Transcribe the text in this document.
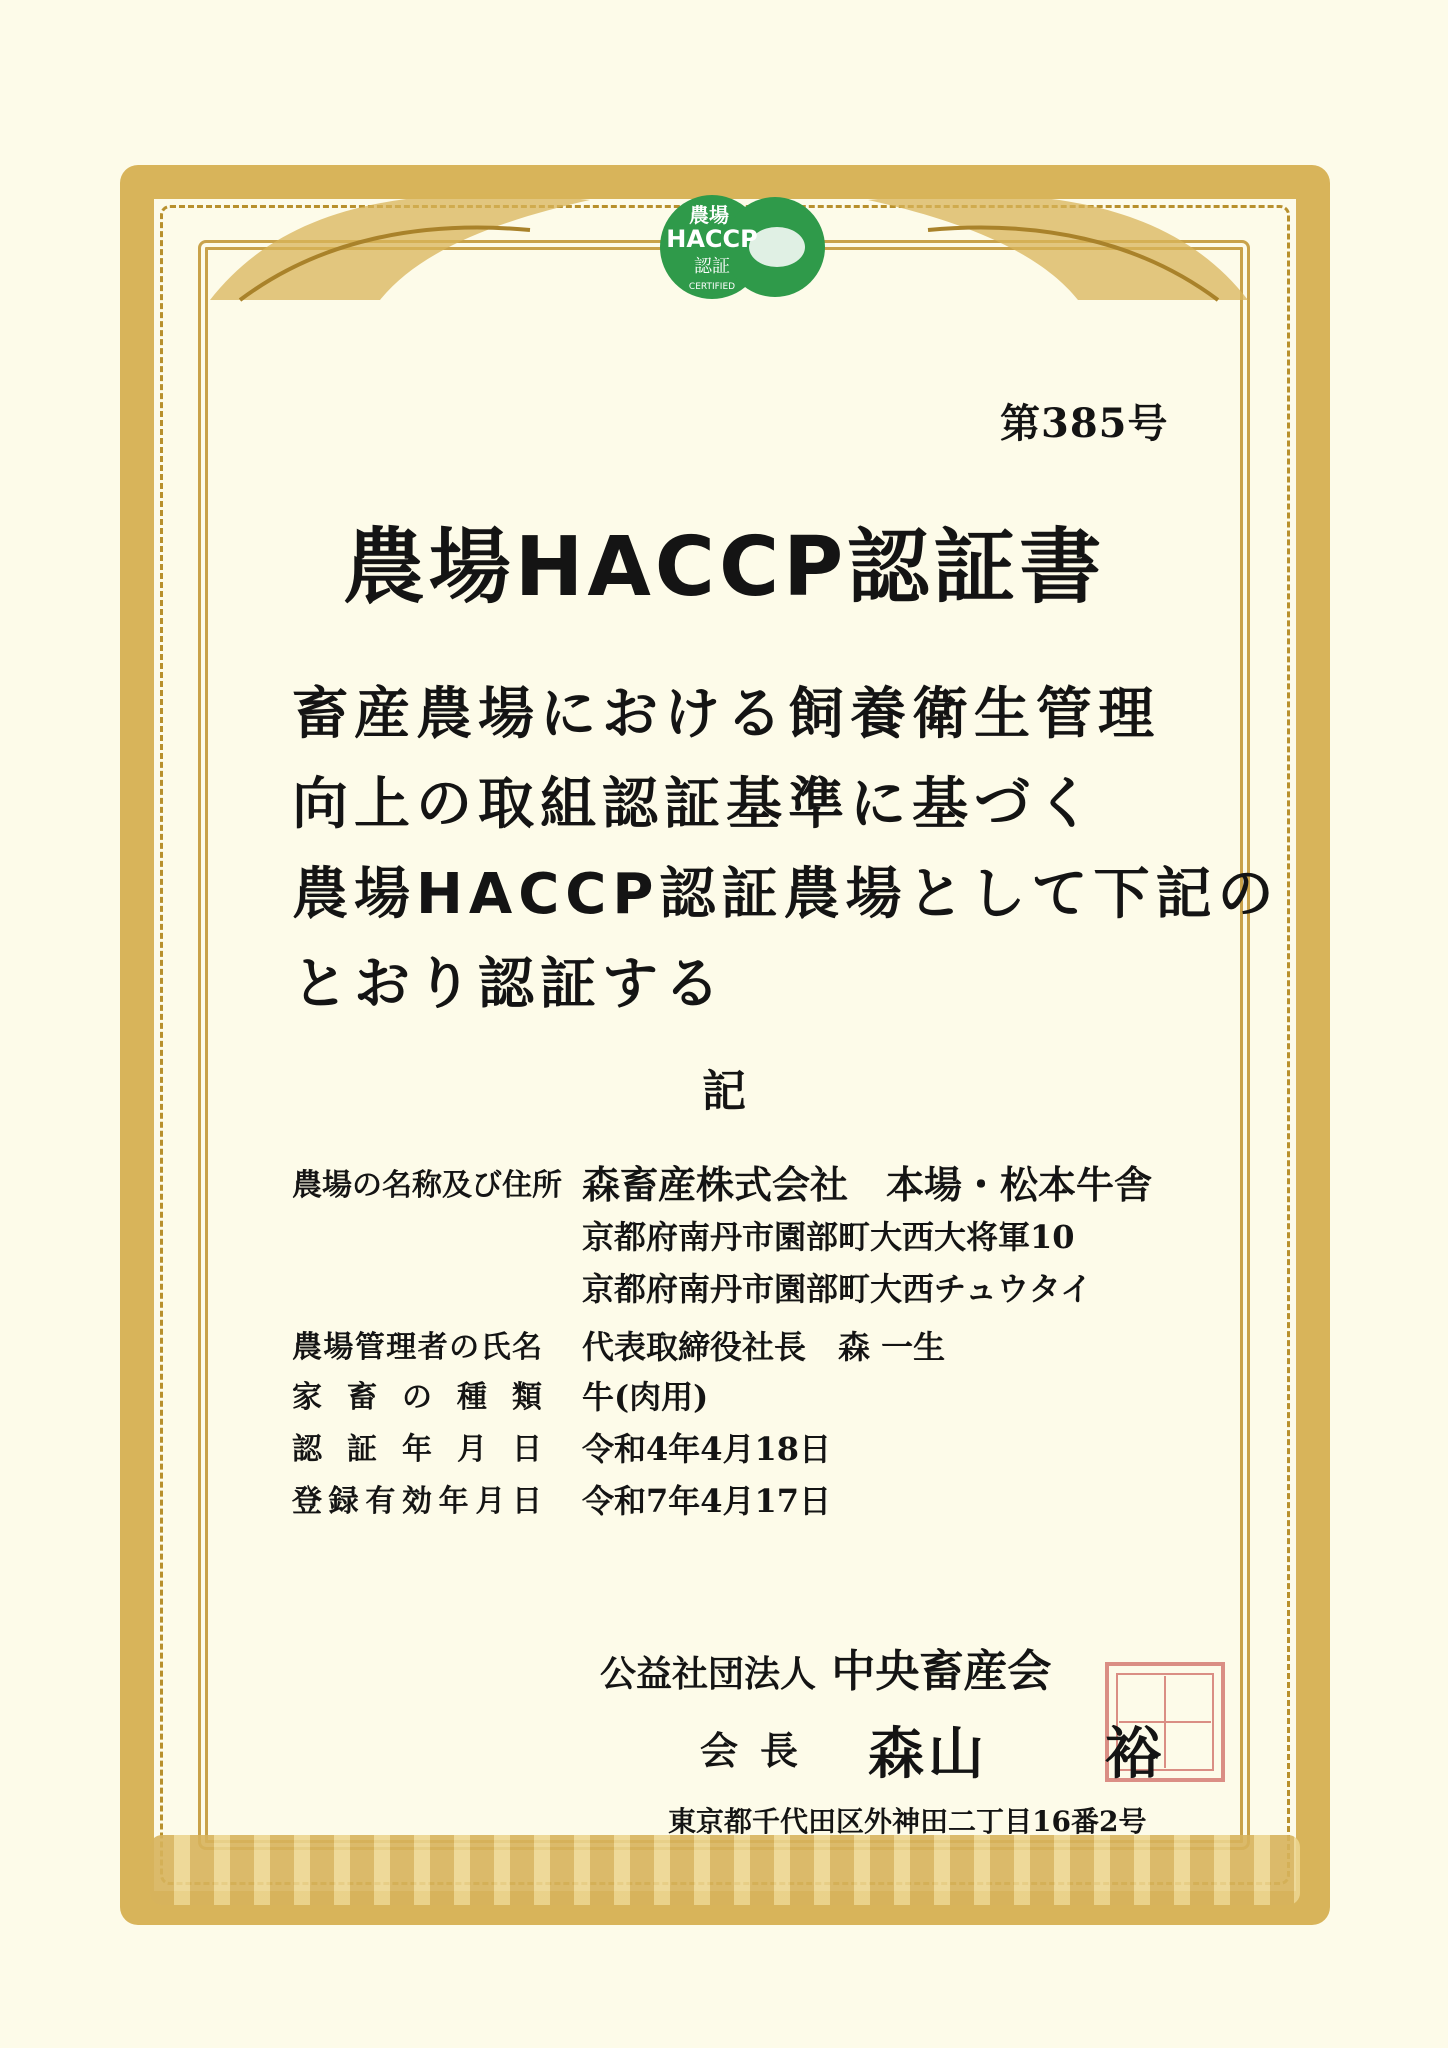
農場
HACCP
認証
CERTIFIED
第385号
農場HACCP認証書
畜産農場における飼養衛生管理
向上の取組認証基準に基づく
農場HACCP認証農場として下記の
とおり認証する
記
農場の名称及び住所 森畜産株式会社　本場・松本牛舎
京都府南丹市園部町大西大将軍10
京都府南丹市園部町大西チュウタイ
農場管理者の氏名 代表取締役社長　森 一生
家畜の種類 牛(肉用)
認証年月日 令和4年4月18日
登録有効年月日 令和7年4月17日
公益社団法人 中央畜産会
会長 森山 裕
東京都千代田区外神田二丁目16番2号
